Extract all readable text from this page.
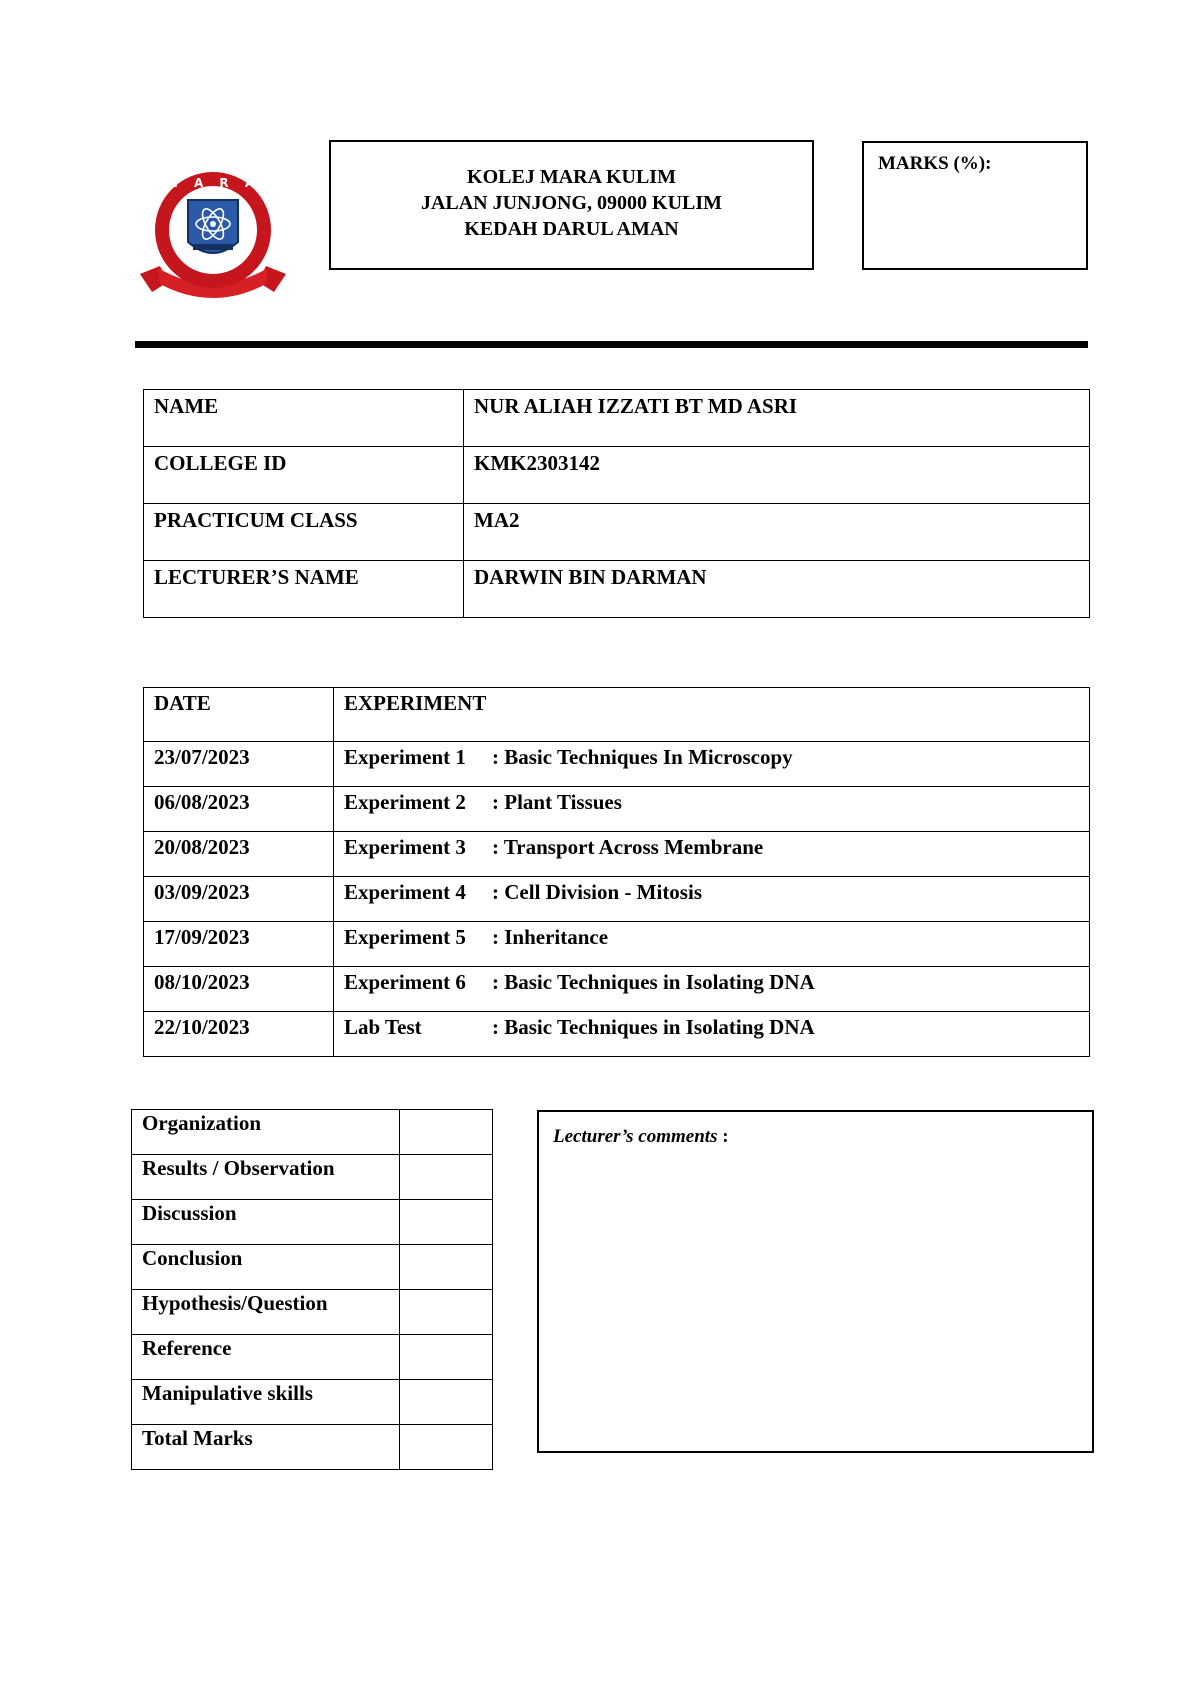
M A R A	KOLEJ MARA KULIM
JALAN JUNJONG, 09000 KULIM
KEDAH DARUL AMAN
MARKS (%):
NAME	NUR ALIAH IZZATI BT MD ASRI
COLLEGE ID	KMK2303142
PRACTICUM CLASS	MA2
LECTURER’S NAME	DARWIN BIN DARMAN
DATE	EXPERIMENT
23/07/2023	Experiment 1 : Basic Techniques In Microscopy
06/08/2023	Experiment 2 : Plant Tissues
20/08/2023	Experiment 3 : Transport Across Membrane
03/09/2023	Experiment 4 : Cell Division - Mitosis
17/09/2023	Experiment 5 : Inheritance
08/10/2023	Experiment 6 : Basic Techniques in Isolating DNA
22/10/2023	Lab Test : Basic Techniques in Isolating DNA
Organization	
Results / Observation	
Discussion	
Conclusion	
Hypothesis/Question	
Reference	
Manipulative skills	
Total Marks	
Lecturer’s comments :
